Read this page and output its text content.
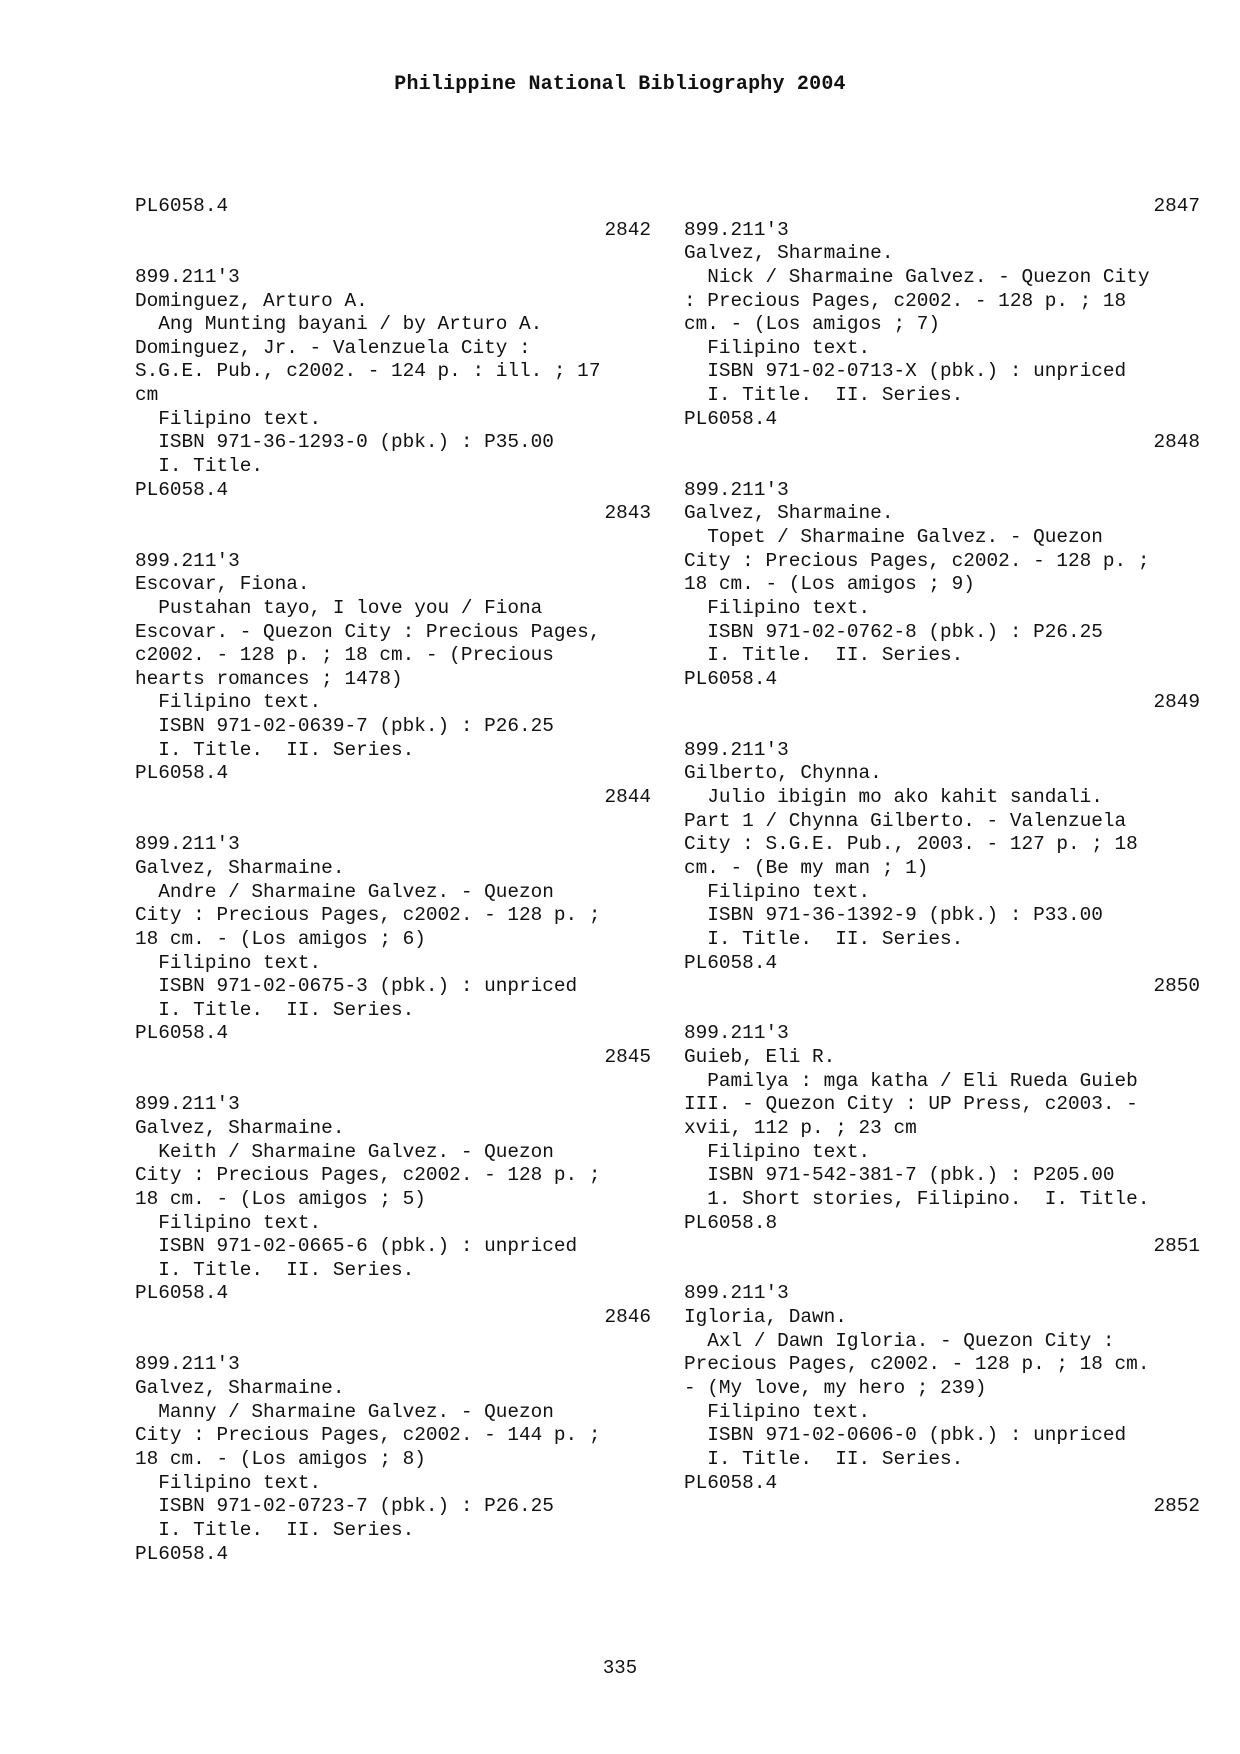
Philippine National Bibliography 2004
PL6058.4
2842
899.211'3
Dominguez, Arturo A.
Ang Munting bayani / by Arturo A.
Dominguez, Jr. - Valenzuela City :
S.G.E. Pub., c2002. - 124 p. : ill. ; 17
cm
Filipino text.
ISBN 971-36-1293-0 (pbk.) : P35.00
I. Title.
PL6058.4
2843
899.211'3
Escovar, Fiona.
Pustahan tayo, I love you / Fiona
Escovar. - Quezon City : Precious Pages,
c2002. - 128 p. ; 18 cm. - (Precious
hearts romances ; 1478)
Filipino text.
ISBN 971-02-0639-7 (pbk.) : P26.25
I. Title.  II. Series.
PL6058.4
2844
899.211'3
Galvez, Sharmaine.
Andre / Sharmaine Galvez. - Quezon
City : Precious Pages, c2002. - 128 p. ;
18 cm. - (Los amigos ; 6)
Filipino text.
ISBN 971-02-0675-3 (pbk.) : unpriced
I. Title.  II. Series.
PL6058.4
2845
899.211'3
Galvez, Sharmaine.
Keith / Sharmaine Galvez. - Quezon
City : Precious Pages, c2002. - 128 p. ;
18 cm. - (Los amigos ; 5)
Filipino text.
ISBN 971-02-0665-6 (pbk.) : unpriced
I. Title.  II. Series.
PL6058.4
2846
899.211'3
Galvez, Sharmaine.
Manny / Sharmaine Galvez. - Quezon
City : Precious Pages, c2002. - 144 p. ;
18 cm. - (Los amigos ; 8)
Filipino text.
ISBN 971-02-0723-7 (pbk.) : P26.25
I. Title.  II. Series.
PL6058.4
2847
899.211'3
Galvez, Sharmaine.
Nick / Sharmaine Galvez. - Quezon City
: Precious Pages, c2002. - 128 p. ; 18
cm. - (Los amigos ; 7)
Filipino text.
ISBN 971-02-0713-X (pbk.) : unpriced
I. Title.  II. Series.
PL6058.4
2848
899.211'3
Galvez, Sharmaine.
Topet / Sharmaine Galvez. - Quezon
City : Precious Pages, c2002. - 128 p. ;
18 cm. - (Los amigos ; 9)
Filipino text.
ISBN 971-02-0762-8 (pbk.) : P26.25
I. Title.  II. Series.
PL6058.4
2849
899.211'3
Gilberto, Chynna.
Julio ibigin mo ako kahit sandali.
Part 1 / Chynna Gilberto. - Valenzuela
City : S.G.E. Pub., 2003. - 127 p. ; 18
cm. - (Be my man ; 1)
Filipino text.
ISBN 971-36-1392-9 (pbk.) : P33.00
I. Title.  II. Series.
PL6058.4
2850
899.211'3
Guieb, Eli R.
Pamilya : mga katha / Eli Rueda Guieb
III. - Quezon City : UP Press, c2003. -
xvii, 112 p. ; 23 cm
Filipino text.
ISBN 971-542-381-7 (pbk.) : P205.00
1. Short stories, Filipino.  I. Title.
PL6058.8
2851
899.211'3
Igloria, Dawn.
Axl / Dawn Igloria. - Quezon City :
Precious Pages, c2002. - 128 p. ; 18 cm.
- (My love, my hero ; 239)
Filipino text.
ISBN 971-02-0606-0 (pbk.) : unpriced
I. Title.  II. Series.
PL6058.4
2852
335
